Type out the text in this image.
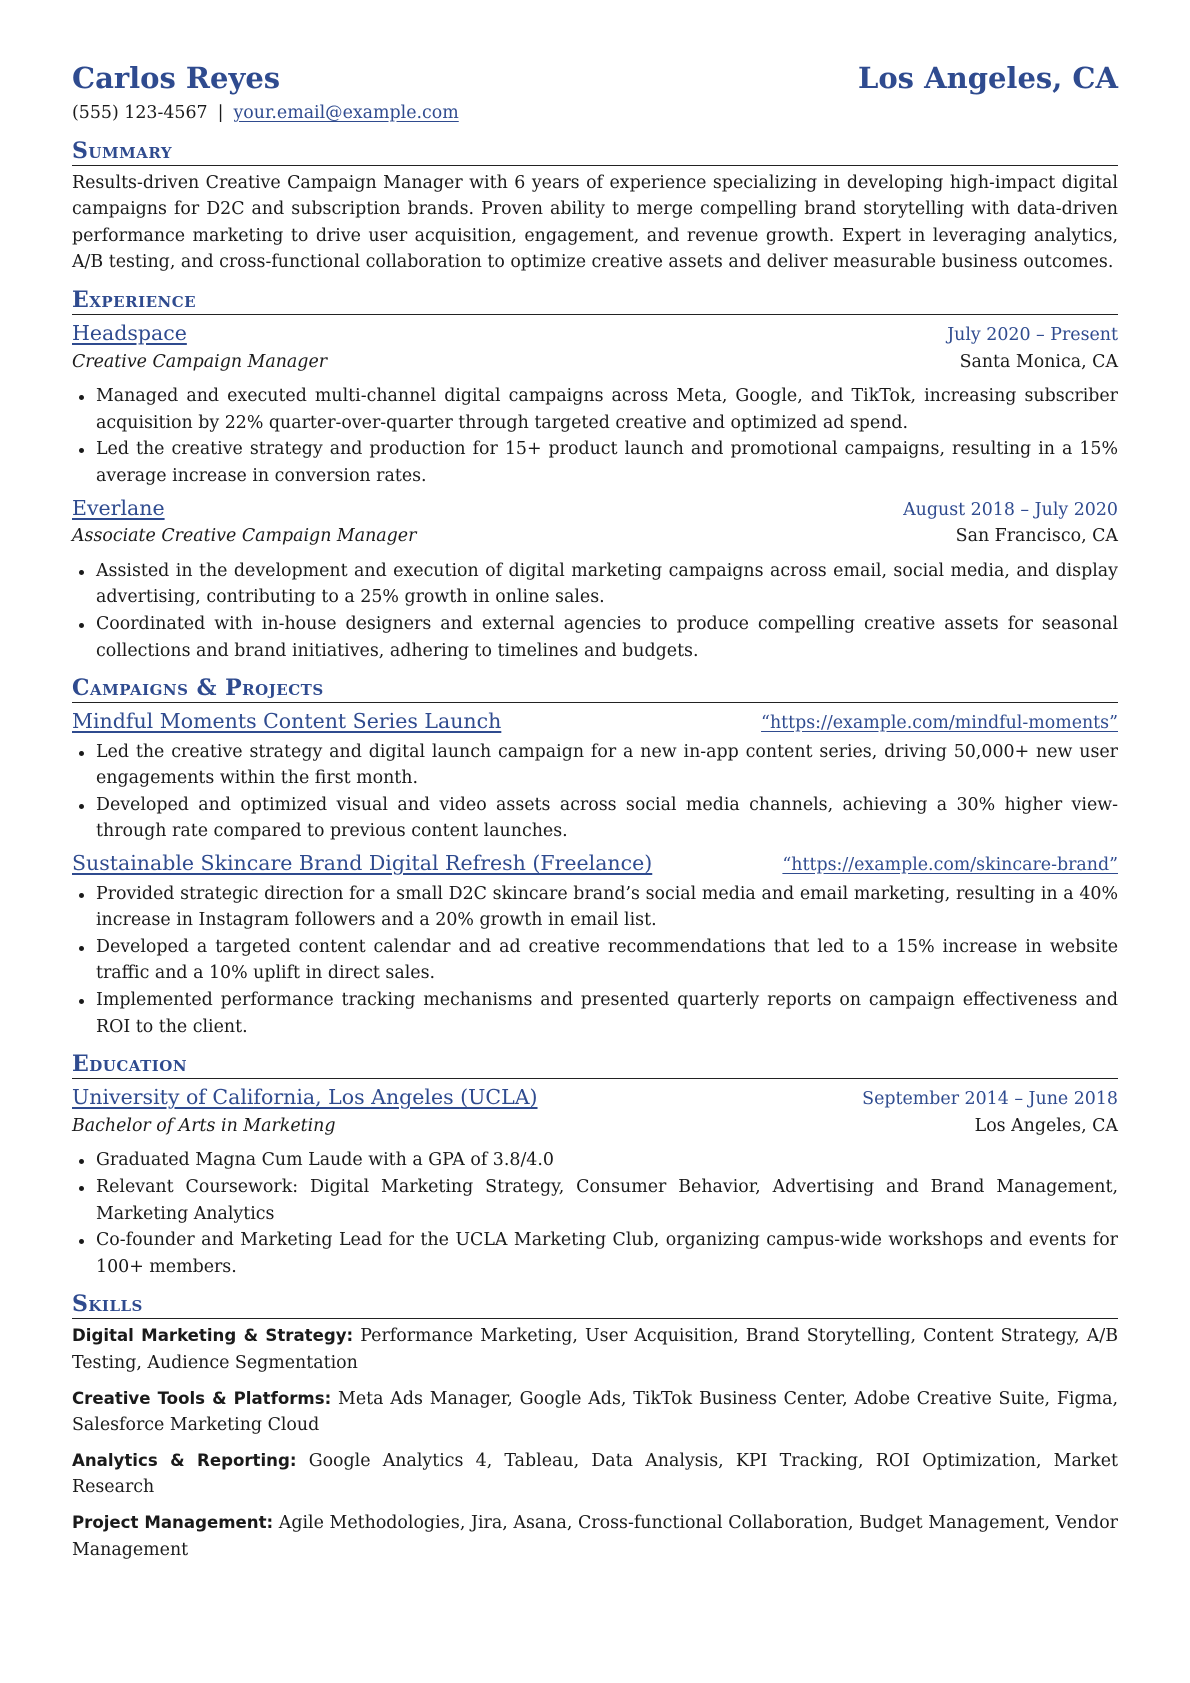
Carlos Reyes	Los Angeles, CA
(555) 123-4567 | your.email@example.com
Summary
Results-driven Creative Campaign Manager with 6 years of experience specializing in developing high-impact digital campaigns for D2C and subscription brands. Proven ability to merge compelling brand storytelling with data-driven performance marketing to drive user acquisition, engagement, and revenue growth. Expert in leveraging analytics, A/B testing, and cross-functional collaboration to optimize creative assets and deliver measurable business outcomes.
Experience
Headspace	July 2020 – Present
Creative Campaign Manager	Santa Monica, CA
Managed and executed multi-channel digital campaigns across Meta, Google, and TikTok, increasing subscriber acquisition by 22% quarter-over-quarter through targeted creative and optimized ad spend.
Led the creative strategy and production for 15+ product launch and promotional campaigns, resulting in a 15% average increase in conversion rates.
Everlane	August 2018 – July 2020
Associate Creative Campaign Manager	San Francisco, CA
Assisted in the development and execution of digital marketing campaigns across email, social media, and display advertising, contributing to a 25% growth in online sales.
Coordinated with in-house designers and external agencies to produce compelling creative assets for seasonal collections and brand initiatives, adhering to timelines and budgets.
Campaigns & Projects
Mindful Moments Content Series Launch	“https://example.com/mindful-moments”
Led the creative strategy and digital launch campaign for a new in-app content series, driving 50,000+ new user engagements within the first month.
Developed and optimized visual and video assets across social media channels, achieving a 30% higher view-through rate compared to previous content launches.
Sustainable Skincare Brand Digital Refresh (Freelance)	“https://example.com/skincare-brand”
Provided strategic direction for a small D2C skincare brand’s social media and email marketing, resulting in a 40% increase in Instagram followers and a 20% growth in email list.
Developed a targeted content calendar and ad creative recommendations that led to a 15% increase in website traffic and a 10% uplift in direct sales.
Implemented performance tracking mechanisms and presented quarterly reports on campaign effectiveness and ROI to the client.
Education
University of California, Los Angeles (UCLA)	September 2014 – June 2018
Bachelor of Arts in Marketing	Los Angeles, CA
Graduated Magna Cum Laude with a GPA of 3.8/4.0
Relevant Coursework: Digital Marketing Strategy, Consumer Behavior, Advertising and Brand Management, Marketing Analytics
Co-founder and Marketing Lead for the UCLA Marketing Club, organizing campus-wide workshops and events for 100+ members.
Skills
Digital Marketing & Strategy: Performance Marketing, User Acquisition, Brand Storytelling, Content Strategy, A/B Testing, Audience Segmentation
Creative Tools & Platforms: Meta Ads Manager, Google Ads, TikTok Business Center, Adobe Creative Suite, Figma, Salesforce Marketing Cloud
Analytics & Reporting: Google Analytics 4, Tableau, Data Analysis, KPI Tracking, ROI Optimization, Market Research
Project Management: Agile Methodologies, Jira, Asana, Cross-functional Collaboration, Budget Management, Vendor Management
